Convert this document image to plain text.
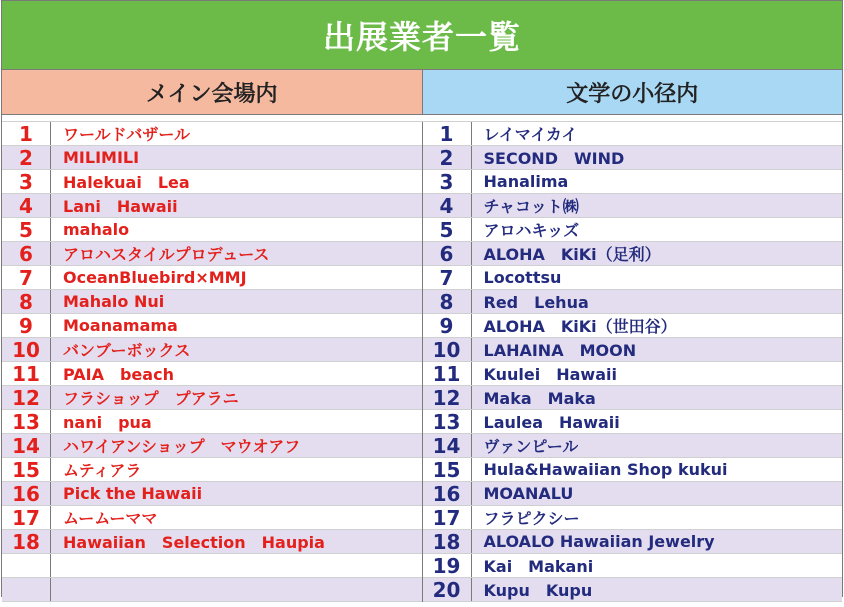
出展業者一覧
メイン会場内	文学の小径内
1	ワールドバザール
2	MILIMILI
3	Halekuai　Lea
4	Lani　Hawaii
5	mahalo
6	アロハスタイルプロデュース
7	OceanBluebird×MMJ
8	Mahalo Nui
9	Moanamama
10	バンブーボックス
11	PAIA　beach
12	フラショップ　プアラニ
13	nani　pua
14	ハワイアンショップ　マウオアフ
15	ムティアラ
16	Pick the Hawaii
17	ムームーママ
18	Hawaiian　Selection　Haupia
1	レイマイカイ
2	SECOND　WIND
3	Hanalima
4	チャコット㈱
5	アロハキッズ
6	ALOHA　KiKi（足利）
7	Locottsu
8	Red　Lehua
9	ALOHA　KiKi（世田谷）
10	LAHAINA　MOON
11	Kuulei　Hawaii
12	Maka　Maka
13	Laulea　Hawaii
14	ヴァンピール
15	Hula&Hawaiian Shop kukui
16	MOANALU
17	フラピクシー
18	ALOALO Hawaiian Jewelry
19	Kai　Makani
20	Kupu　Kupu
